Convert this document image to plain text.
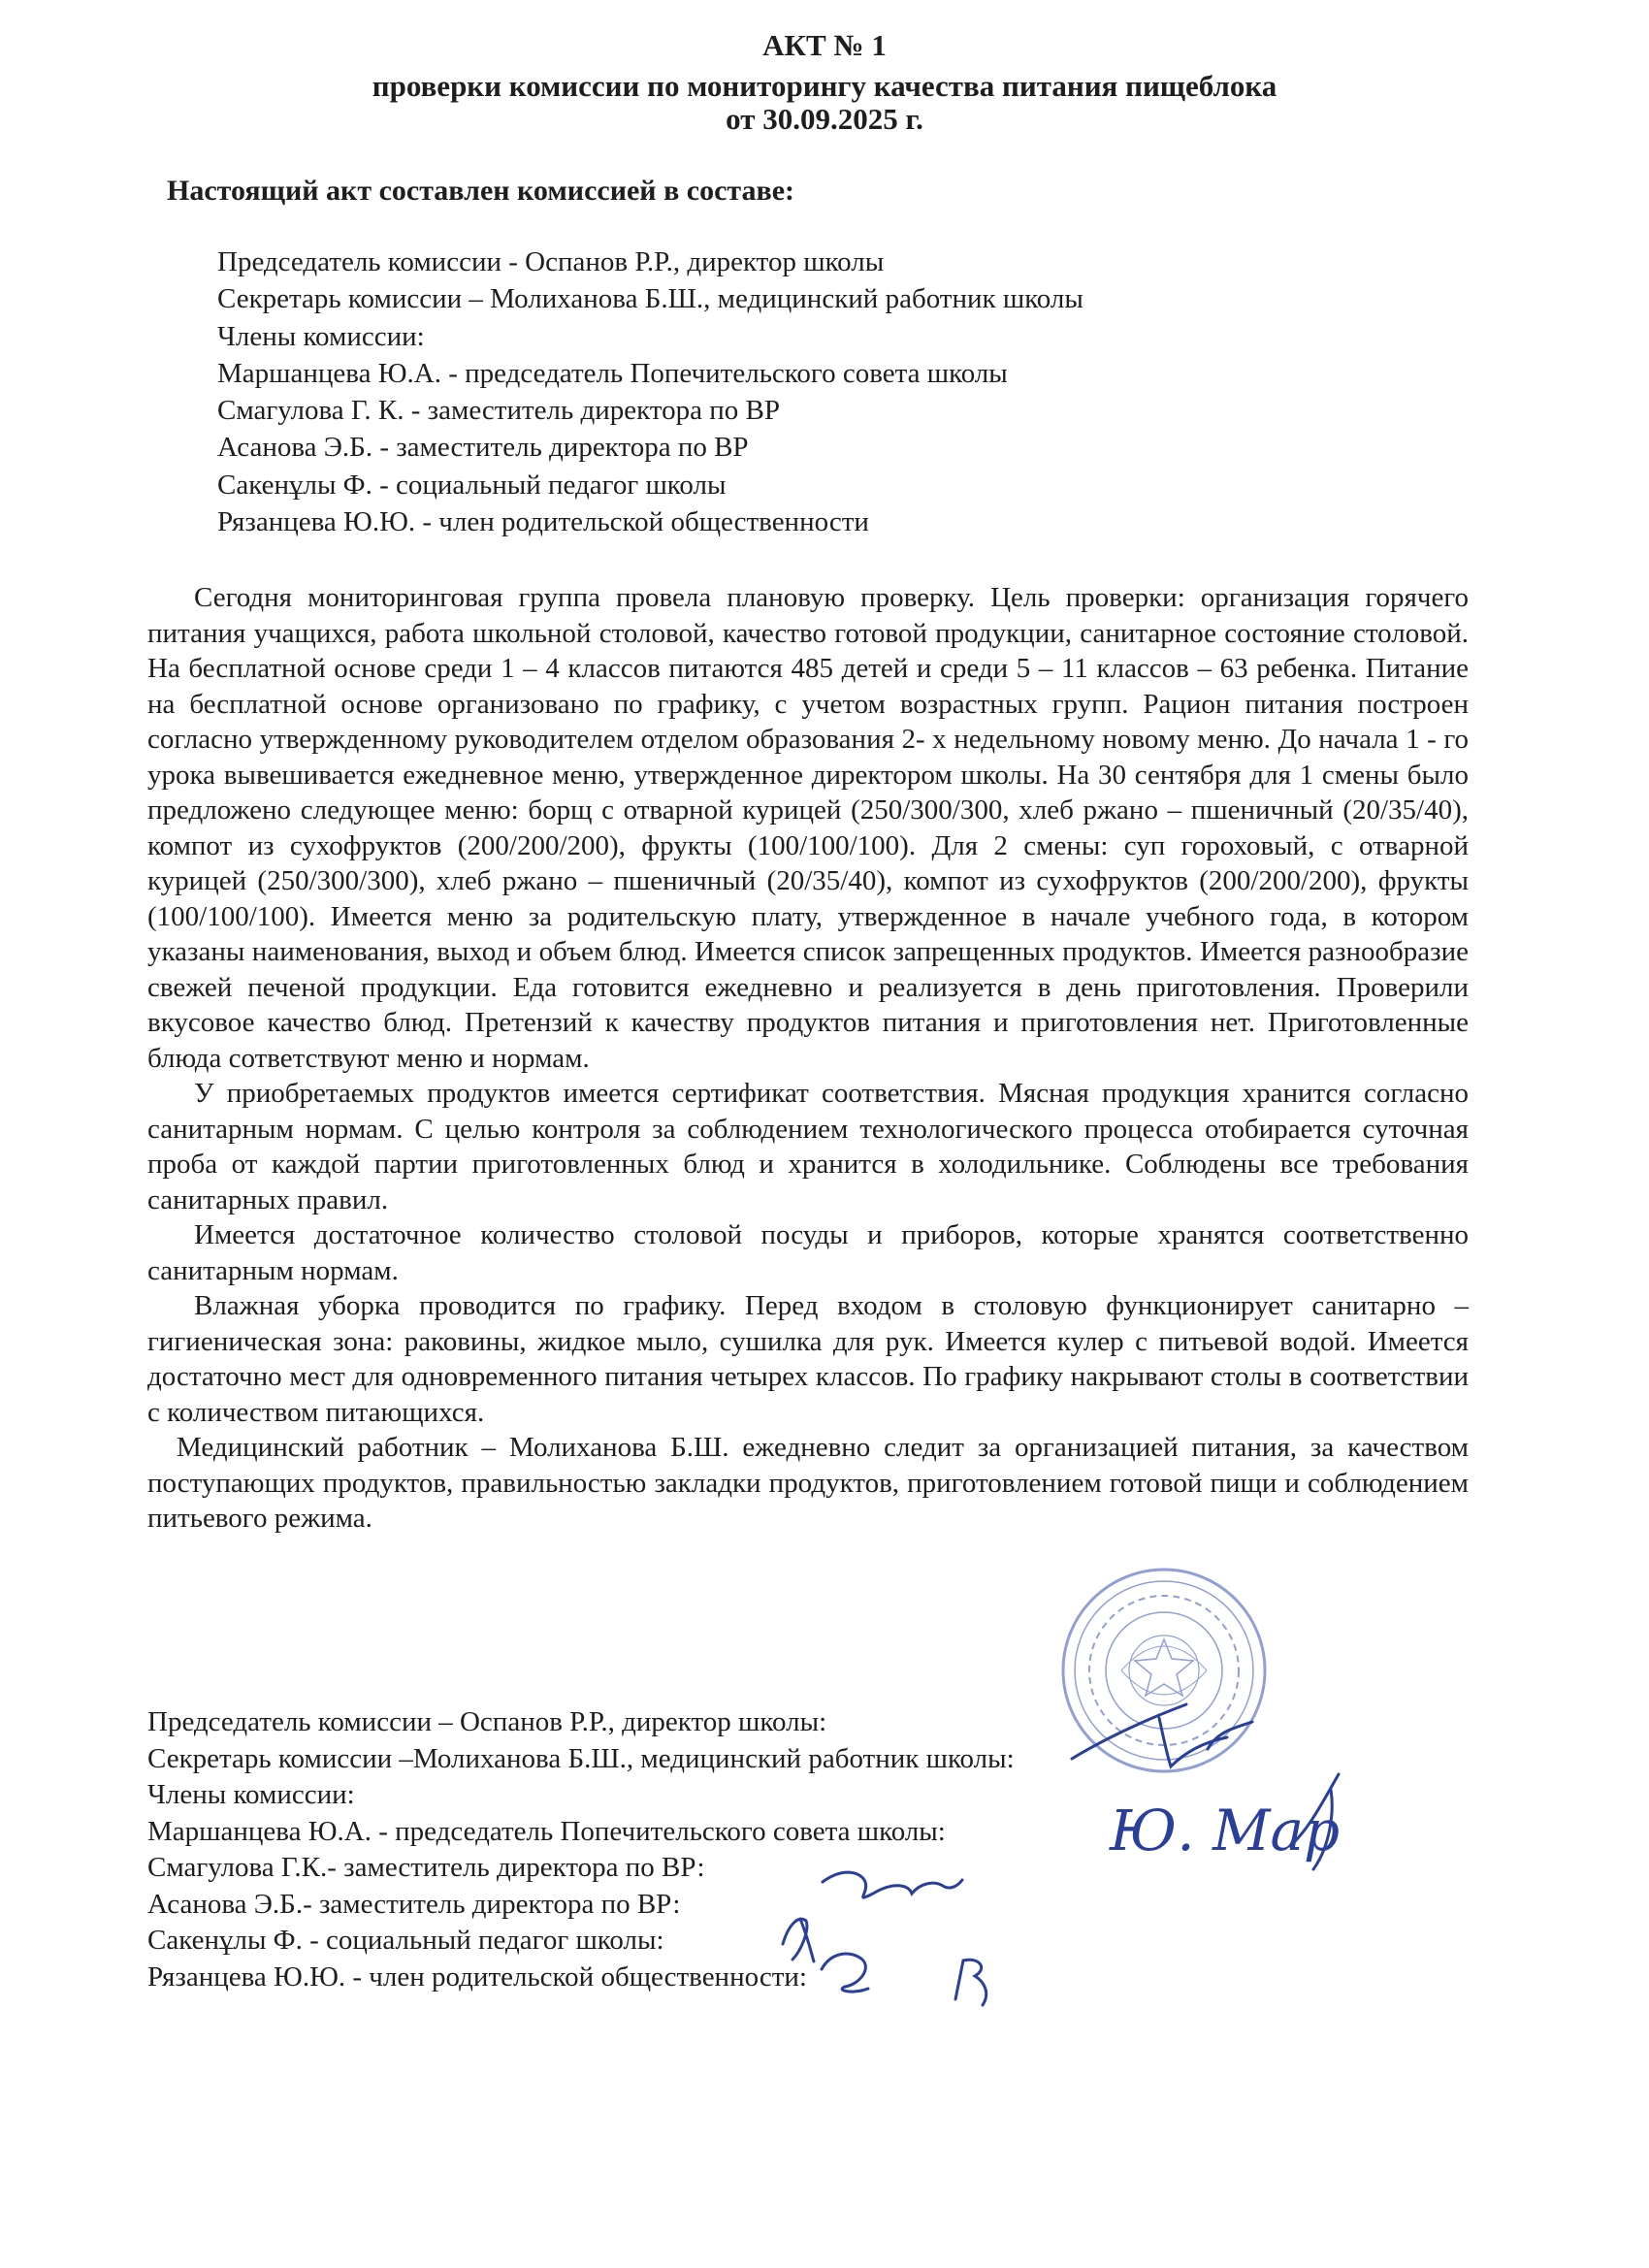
АКТ № 1
проверки комиссии по мониторингу качества питания пищеблока
от 30.09.2025 г.
Настоящий акт составлен комиссией в составе:
Председатель комиссии - Оспанов Р.Р., директор школы
Секретарь комиссии – Молиханова Б.Ш., медицинский работник школы
Члены комиссии:
Маршанцева Ю.А. - председатель Попечительского совета школы
Смагулова Г. К. - заместитель директора по ВР
Асанова Э.Б. - заместитель директора по ВР
Сакенұлы Ф. - социальный педагог школы
Рязанцева Ю.Ю. - член родительской общественности

Сегодня мониторинговая группа провела плановую проверку. Цель проверки: организация горячего питания учащихся, работа школьной столовой, качество готовой продукции, санитарное состояние столовой. На бесплатной основе среди 1 – 4 классов питаются 485 детей и среди 5 – 11 классов – 63 ребенка. Питание на бесплатной основе организовано по графику, с учетом возрастных групп. Рацион питания построен согласно утвержденному руководителем отделом образования 2- х недельному новому меню. До начала 1 - го урока вывешивается ежедневное меню, утвержденное директором школы. На 30 сентября для 1 смены было предложено следующее меню: борщ с отварной курицей (250/300/300, хлеб ржано – пшеничный (20/35/40), компот из сухофруктов (200/200/200), фрукты (100/100/100). Для 2 смены: суп гороховый, с отварной курицей (250/300/300), хлеб ржано – пшеничный (20/35/40), компот из сухофруктов (200/200/200), фрукты (100/100/100). Имеется меню за родительскую плату, утвержденное в начале учебного года, в котором указаны наименования, выход и объем блюд. Имеется список запрещенных продуктов. Имеется разнообразие свежей печеной продукции. Еда готовится ежедневно и реализуется в день приготовления. Проверили вкусовое качество блюд. Претензий к качеству продуктов питания и приготовления нет. Приготовленные блюда сответствуют меню и нормам.

У приобретаемых продуктов имеется сертификат соответствия. Мясная продукция хранится согласно санитарным нормам. С целью контроля за соблюдением технологического процесса отобирается суточная проба от каждой партии приготовленных блюд и хранится в холодильнике. Соблюдены все требования санитарных правил.

Имеется достаточное количество столовой посуды и приборов, которые хранятся соответственно санитарным нормам.

Влажная уборка проводится по графику. Перед входом в столовую функционирует санитарно – гигиеническая зона: раковины, жидкое мыло, сушилка для рук. Имеется кулер с питьевой водой. Имеется достаточно мест для одновременного питания четырех классов. По графику накрывают столы в соответствии с количеством питающихся.

Медицинский работник – Молиханова Б.Ш. ежедневно следит за организацией питания, за качеством поступающих продуктов, правильностью закладки продуктов, приготовлением готовой пищи и соблюдением питьевого режима.

Председатель комиссии – Оспанов Р.Р., директор школы:
Секретарь комиссии –Молиханова Б.Ш., медицинский работник школы:
Члены комиссии:
Маршанцева Ю.А. - председатель Попечительского совета школы:
Смагулова Г.К.- заместитель директора по ВР:
Асанова Э.Б.- заместитель директора по ВР:
Сакенұлы Ф. - социальный педагог школы:
Рязанцева Ю.Ю. - член родительской общественности:
Ю. Мар
